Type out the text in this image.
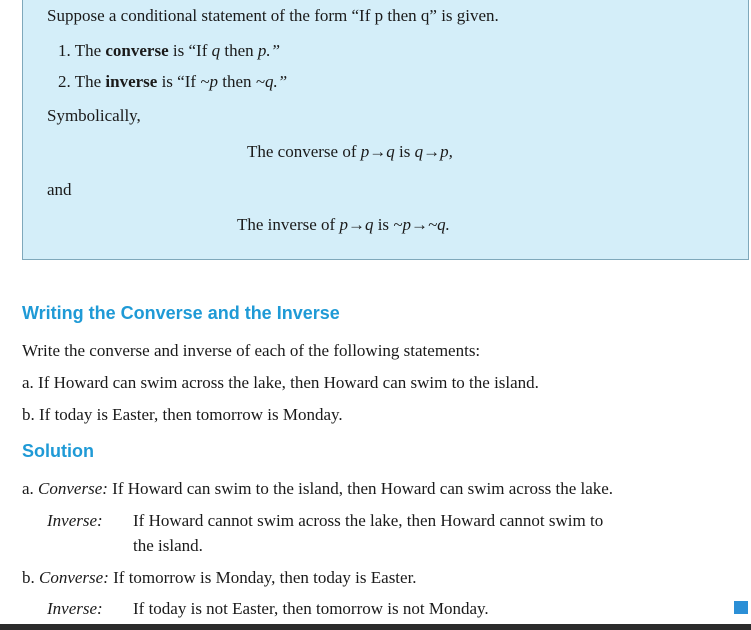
Suppose a conditional statement of the form “If p then q” is given.
1. The converse is “If q then p.”
2. The inverse is “If ~p then ~q.”
Symbolically,
The converse of p→q is q→p,
and
The inverse of p→q is ~p→~q.
Writing the Converse and the Inverse
Write the converse and inverse of each of the following statements:
a. If Howard can swim across the lake, then Howard can swim to the island.
b. If today is Easter, then tomorrow is Monday.
Solution
a. Converse: If Howard can swim to the island, then Howard can swim across the lake.
Inverse: If Howard cannot swim across the lake, then Howard cannot swim to
the island.
b. Converse: If tomorrow is Monday, then today is Easter.
Inverse: If today is not Easter, then tomorrow is not Monday.
